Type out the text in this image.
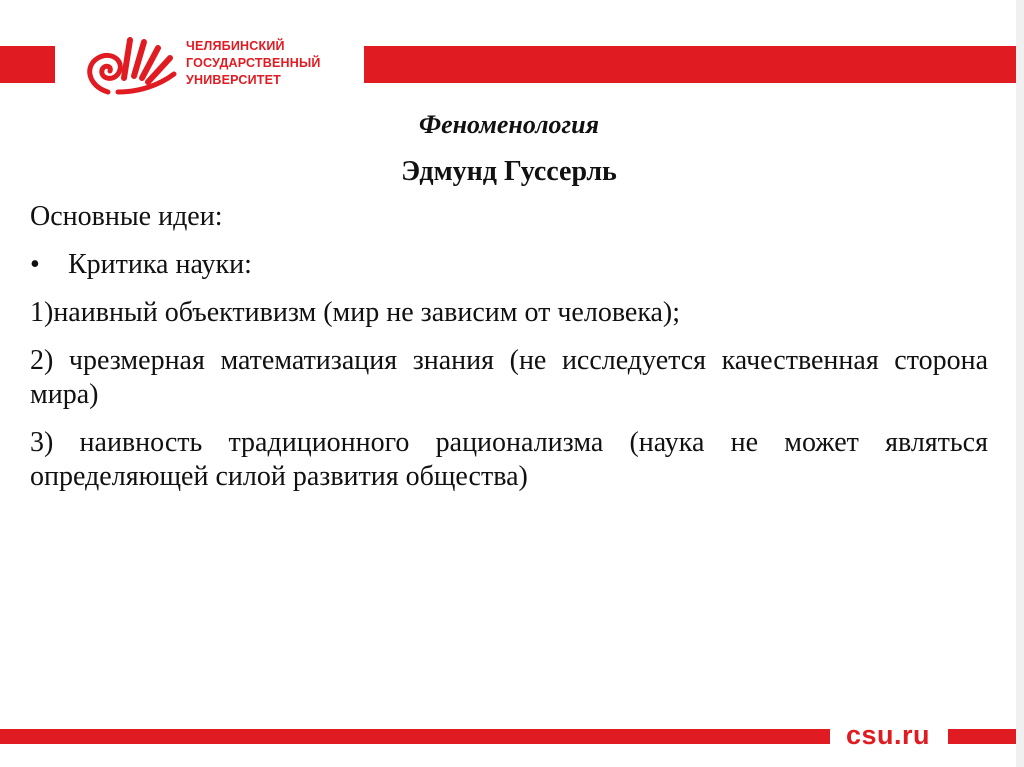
ЧЕЛЯБИНСКИЙ
ГОСУДАРСТВЕННЫЙ
УНИВЕРСИТЕТ
Феноменология
Эдмунд Гуссерль
Основные идеи:
•	Критика науки:
1)наивный объективизм (мир не зависим от человека);
2) чрезмерная математизация знания (не исследуется качественная сторона мира)
3) наивность традиционного рационализма (наука не может являться определяющей силой развития общества)
csu.ru
